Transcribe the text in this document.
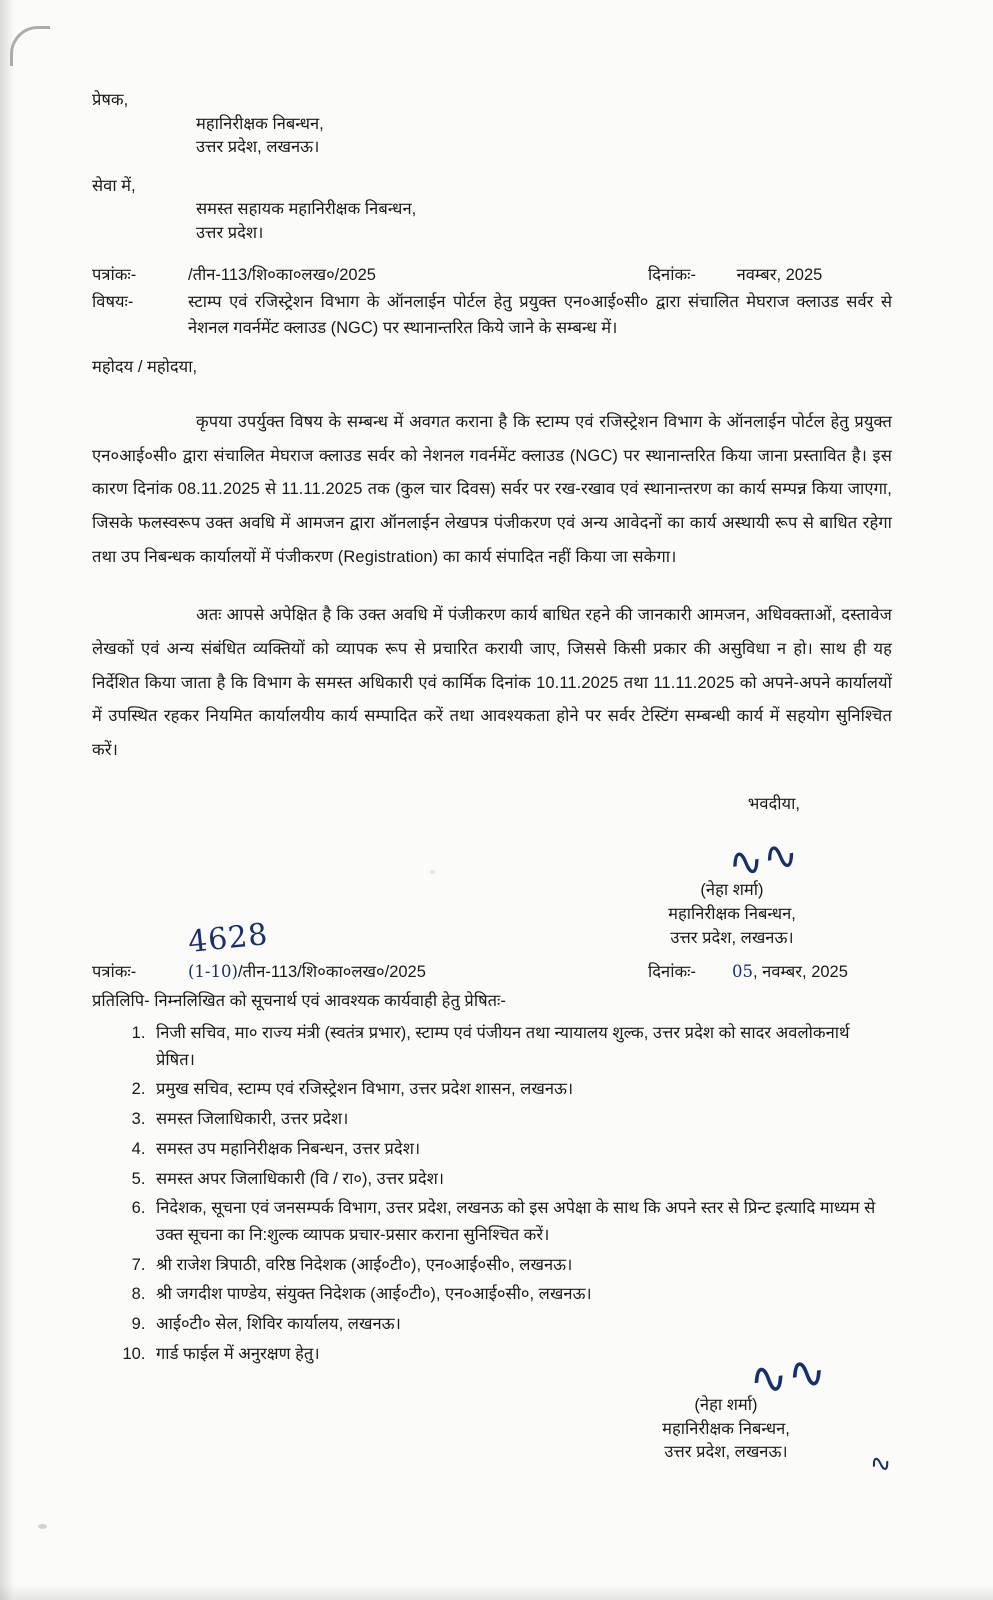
प्रेषक,
महानिरीक्षक निबन्धन,
उत्तर प्रदेश, लखनऊ।
सेवा में,
समस्त सहायक महानिरीक्षक निबन्धन,
उत्तर प्रदेश।
पत्रांकः-	/तीन-113/शि०का०लख०/2025	दिनांकः- नवम्बर, 2025
विषयः-	स्टाम्प एवं रजिस्ट्रेशन विभाग के ऑनलाईन पोर्टल हेतु प्रयुक्त एन०आई०सी० द्वारा संचालित मेघराज क्लाउड सर्वर से नेशनल गवर्नमेंट क्लाउड (NGC) पर स्थानान्तरित किये जाने के सम्बन्ध में।
महोदय / महोदया,

कृपया उपर्युक्त विषय के सम्बन्ध में अवगत कराना है कि स्टाम्प एवं रजिस्ट्रेशन विभाग के ऑनलाईन पोर्टल हेतु प्रयुक्त एन०आई०सी० द्वारा संचालित मेघराज क्लाउड सर्वर को नेशनल गवर्नमेंट क्लाउड (NGC) पर स्थानान्तरित किया जाना प्रस्तावित है। इस कारण दिनांक 08.11.2025 से 11.11.2025 तक (कुल चार दिवस) सर्वर पर रख-रखाव एवं स्थानान्तरण का कार्य सम्पन्न किया जाएगा, जिसके फलस्वरूप उक्त अवधि में आमजन द्वारा ऑनलाईन लेखपत्र पंजीकरण एवं अन्य आवेदनों का कार्य अस्थायी रूप से बाधित रहेगा तथा उप निबन्धक कार्यालयों में पंजीकरण (Registration) का कार्य संपादित नहीं किया जा सकेगा।

अतः आपसे अपेक्षित है कि उक्त अवधि में पंजीकरण कार्य बाधित रहने की जानकारी आमजन, अधिवक्ताओं, दस्तावेज लेखकों एवं अन्य संबंधित व्यक्तियों को व्यापक रूप से प्रचारित करायी जाए, जिससे किसी प्रकार की असुविधा न हो। साथ ही यह निर्देशित किया जाता है कि विभाग के समस्त अधिकारी एवं कार्मिक दिनांक 10.11.2025 तथा 11.11.2025 को अपने-अपने कार्यालयों में उपस्थित रहकर नियमित कार्यालयीय कार्य सम्पादित करें तथा आवश्यकता होने पर सर्वर टेस्टिंग सम्बन्धी कार्य में सहयोग सुनिश्चित करें।

भवदीया,
∿∿
(नेहा शर्मा)
महानिरीक्षक निबन्धन,
उत्तर प्रदेश, लखनऊ।
4628
पत्रांकः-	(1-10)/तीन-113/शि०का०लख०/2025	दिनांकः- 05, नवम्बर, 2025
प्रतिलिपि- निम्नलिखित को सूचनार्थ एवं आवश्यक कार्यवाही हेतु प्रेषितः-
1. निजी सचिव, मा० राज्य मंत्री (स्वतंत्र प्रभार), स्टाम्प एवं पंजीयन तथा न्यायालय शुल्क, उत्तर प्रदेश को सादर अवलोकनार्थ प्रेषित।
2. प्रमुख सचिव, स्टाम्प एवं रजिस्ट्रेशन विभाग, उत्तर प्रदेश शासन, लखनऊ।
3. समस्त जिलाधिकारी, उत्तर प्रदेश।
4. समस्त उप महानिरीक्षक निबन्धन, उत्तर प्रदेश।
5. समस्त अपर जिलाधिकारी (वि / रा०), उत्तर प्रदेश।
6. निदेशक, सूचना एवं जनसम्पर्क विभाग, उत्तर प्रदेश, लखनऊ को इस अपेक्षा के साथ कि अपने स्तर से प्रिन्ट इत्यादि माध्यम से उक्त सूचना का नि:शुल्क व्यापक प्रचार-प्रसार कराना सुनिश्चित करें।
7. श्री राजेश त्रिपाठी, वरिष्ठ निदेशक (आई०टी०), एन०आई०सी०, लखनऊ।
8. श्री जगदीश पाण्डेय, संयुक्त निदेशक (आई०टी०), एन०आई०सी०, लखनऊ।
9. आई०टी० सेल, शिविर कार्यालय, लखनऊ।
10. गार्ड फाईल में अनुरक्षण हेतु।	∿∿
(नेहा शर्मा)
महानिरीक्षक निबन्धन,
उत्तर प्रदेश, लखनऊ।	∿
